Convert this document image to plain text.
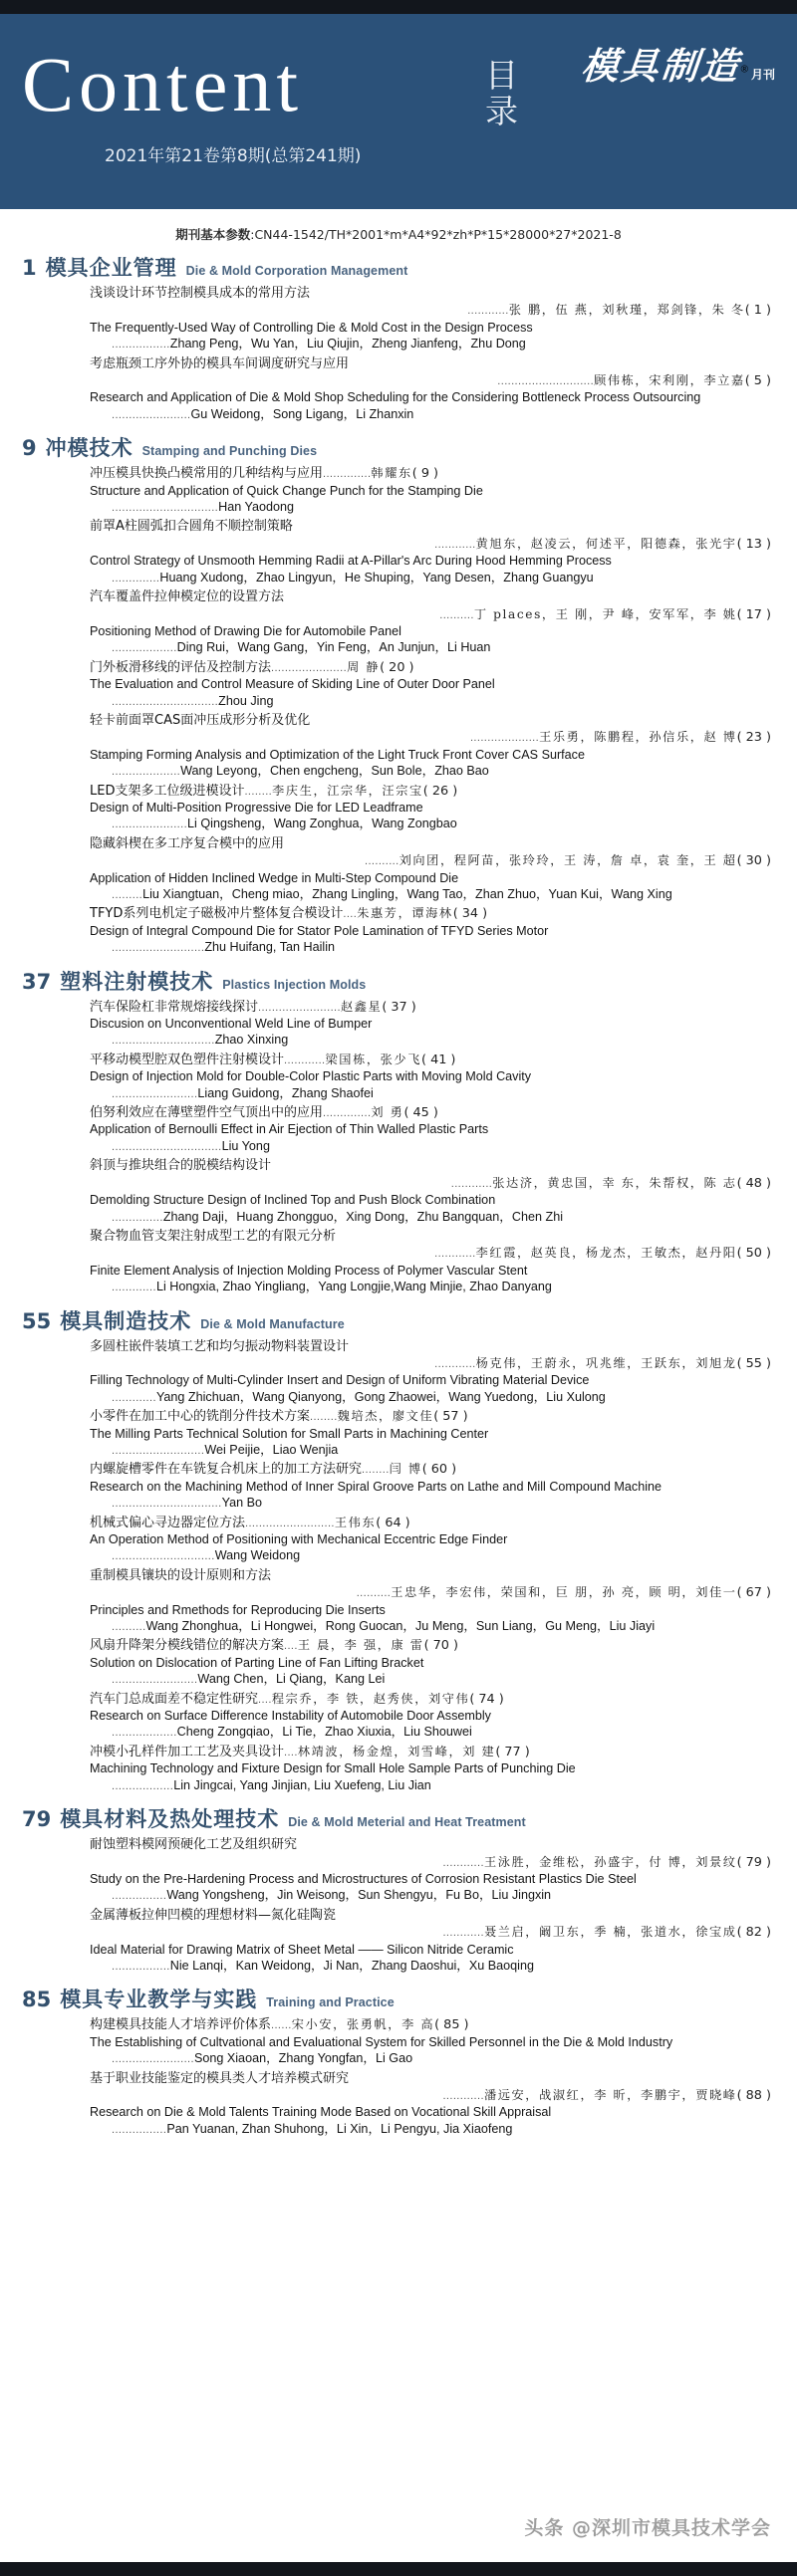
Content	目录
2021年第21卷第8期(总第241期)
模具制造® 月刊
期刊基本参数:CN44-1542/TH*2001*m*A4*92*zh*P*15*28000*27*2021-8
1 模具企业管理 Die & Mold Corporation Management
浅谈设计环节控制模具成本的常用方法
............张 鹏，伍 燕，刘秋瑾，郑剑锋，朱 冬( 1 )
The Frequently-Used Way of Controlling Die & Mold Cost in the Design Process
.................Zhang Peng，Wu Yan，Liu Qiujin，Zheng Jianfeng，Zhu Dong
考虑瓶颈工序外协的模具车间调度研究与应用
............................顾伟栋，宋利刚，李立嘉( 5 )
Research and Application of Die & Mold Shop Scheduling for the Considering Bottleneck Process Outsourcing
.......................Gu Weidong，Song Ligang，Li Zhanxin
9 冲模技术 Stamping and Punching Dies
冲压模具快换凸模常用的几种结构与应用..............韩耀东( 9 )
Structure and Application of Quick Change Punch for the Stamping Die
...............................Han Yaodong
前罩A柱圆弧扣合圆角不顺控制策略
............黄旭东，赵凌云，何述平，阳德森，张光宇( 13 )
Control Strategy of Unsmooth Hemming Radii at A-Pillar's Arc During Hood Hemming Process
..............Huang Xudong，Zhao Lingyun，He Shuping，Yang Desen，Zhang Guangyu
汽车覆盖件拉伸模定位的设置方法
..........丁 places，王 刚，尹 峰，安军军，李 姚( 17 )
Positioning Method of Drawing Die for Automobile Panel
...................Ding Rui，Wang Gang，Yin Feng，An Junjun，Li Huan
门外板滑移线的评估及控制方法......................周 静( 20 )
The Evaluation and Control Measure of Skiding Line of Outer Door Panel
...............................Zhou Jing
轻卡前面罩CAS面冲压成形分析及优化
....................王乐勇，陈鹏程，孙信乐，赵 博( 23 )
Stamping Forming Analysis and Optimization of the Light Truck Front Cover CAS Surface
....................Wang Leyong，Chen engcheng，Sun Bole，Zhao Bao
LED支架多工位级进模设计........李庆生，江宗华，汪宗宝( 26 )
Design of Multi-Position Progressive Die for LED Leadframe
......................Li Qingsheng，Wang Zonghua，Wang Zongbao
隐藏斜楔在多工序复合模中的应用
..........刘向团，程阿苗，张玲玲，王 涛，詹 卓，袁 奎，王 超( 30 )
Application of Hidden Inclined Wedge in Multi-Step Compound Die
.........Liu Xiangtuan，Cheng miao，Zhang Lingling，Wang Tao，Zhan Zhuo，Yuan Kui，Wang Xing
TFYD系列电机定子磁极冲片整体复合模设计....朱惠芳，谭海林( 34 )
Design of Integral Compound Die for Stator Pole Lamination of TFYD Series Motor
...........................Zhu Huifang, Tan Hailin
37 塑料注射模技术 Plastics Injection Molds
汽车保险杠非常规熔接线探讨........................赵鑫星( 37 )
Discusion on Unconventional Weld Line of Bumper
..............................Zhao Xinxing
平移动模型腔双色塑件注射模设计............梁国栋，张少飞( 41 )
Design of Injection Mold for Double-Color Plastic Parts with Moving Mold Cavity
.........................Liang Guidong，Zhang Shaofei
伯努利效应在薄壁塑件空气顶出中的应用..............刘 勇( 45 )
Application of Bernoulli Effect in Air Ejection of Thin Walled Plastic Parts
................................Liu Yong
斜顶与推块组合的脱模结构设计
............张达济，黄忠国，幸 东，朱帮权，陈 志( 48 )
Demolding Structure Design of Inclined Top and Push Block Combination
...............Zhang Daji，Huang Zhongguo，Xing Dong，Zhu Bangquan，Chen Zhi
聚合物血管支架注射成型工艺的有限元分析
............李红霞，赵英良，杨龙杰，王敏杰，赵丹阳( 50 )
Finite Element Analysis of Injection Molding Process of Polymer Vascular Stent
.............Li Hongxia, Zhao Yingliang，Yang Longjie,Wang Minjie, Zhao Danyang
55 模具制造技术 Die & Mold Manufacture
多圆柱嵌件装填工艺和均匀振动物料装置设计
............杨克伟，王蔚永，巩兆维，王跃东，刘旭龙( 55 )
Filling Technology of Multi-Cylinder Insert and Design of Uniform Vibrating Material Device
.............Yang Zhichuan，Wang Qianyong，Gong Zhaowei，Wang Yuedong，Liu Xulong
小零件在加工中心的铣削分件技术方案........魏培杰，廖文佳( 57 )
The Milling Parts Technical Solution for Small Parts in Machining Center
...........................Wei Peijie，Liao Wenjia
内螺旋槽零件在车铣复合机床上的加工方法研究........闫 博( 60 )
Research on the Machining Method of Inner Spiral Groove Parts on Lathe and Mill Compound Machine
................................Yan Bo
机械式偏心寻边器定位方法..........................王伟东( 64 )
An Operation Method of Positioning with Mechanical Eccentric Edge Finder
..............................Wang Weidong
重制模具镶块的设计原则和方法
..........王忠华，李宏伟，荣国和，巨 朋，孙 亮，顾 明，刘佳一( 67 )
Principles and Rmethods for Reproducing Die Inserts
..........Wang Zhonghua，Li Hongwei，Rong Guocan，Ju Meng，Sun Liang，Gu Meng，Liu Jiayi
风扇升降架分模线错位的解决方案....王 晨，李 强，康 雷( 70 )
Solution on Dislocation of Parting Line of Fan Lifting Bracket
.........................Wang Chen，Li Qiang，Kang Lei
汽车门总成面差不稳定性研究....程宗乔，李 铁，赵秀侠，刘守伟( 74 )
Research on Surface Difference Instability of Automobile Door Assembly
...................Cheng Zongqiao，Li Tie，Zhao Xiuxia，Liu Shouwei
冲模小孔样件加工工艺及夹具设计....林靖波，杨金煌，刘雪峰，刘 建( 77 )
Machining Technology and Fixture Design for Small Hole Sample Parts of Punching Die
..................Lin Jingcai, Yang Jinjian, Liu Xuefeng, Liu Jian
79 模具材料及热处理技术 Die & Mold Meterial and Heat Treatment
耐蚀塑料模网预硬化工艺及组织研究
............王泳胜，金维松，孙盛宇，付 博，刘景纹( 79 )
Study on the Pre-Hardening Process and Microstructures of Corrosion Resistant Plastics Die Steel
................Wang Yongsheng，Jin Weisong，Sun Shengyu，Fu Bo，Liu Jingxin
金属薄板拉伸凹模的理想材料—氮化硅陶瓷
............聂兰启，阚卫东，季 楠，张道水，徐宝成( 82 )
Ideal Material for Drawing Matrix of Sheet Metal —— Silicon Nitride Ceramic
.................Nie Lanqi，Kan Weidong，Ji Nan，Zhang Daoshui，Xu Baoqing
85 模具专业教学与实践 Training and Practice
构建模具技能人才培养评价体系......宋小安，张勇帆，李 高( 85 )
The Establishing of Cultvational and Evaluational System for Skilled Personnel in the Die & Mold Industry
........................Song Xiaoan，Zhang Yongfan，Li Gao
基于职业技能鉴定的模具类人才培养模式研究
............潘远安，战淑红，李 昕，李鹏宇，贾晓峰( 88 )
Research on Die & Mold Talents Training Mode Based on Vocational Skill Appraisal
................Pan Yuanan, Zhan Shuhong，Li Xin，Li Pengyu, Jia Xiaofeng
头条 @深圳市模具技术学会
